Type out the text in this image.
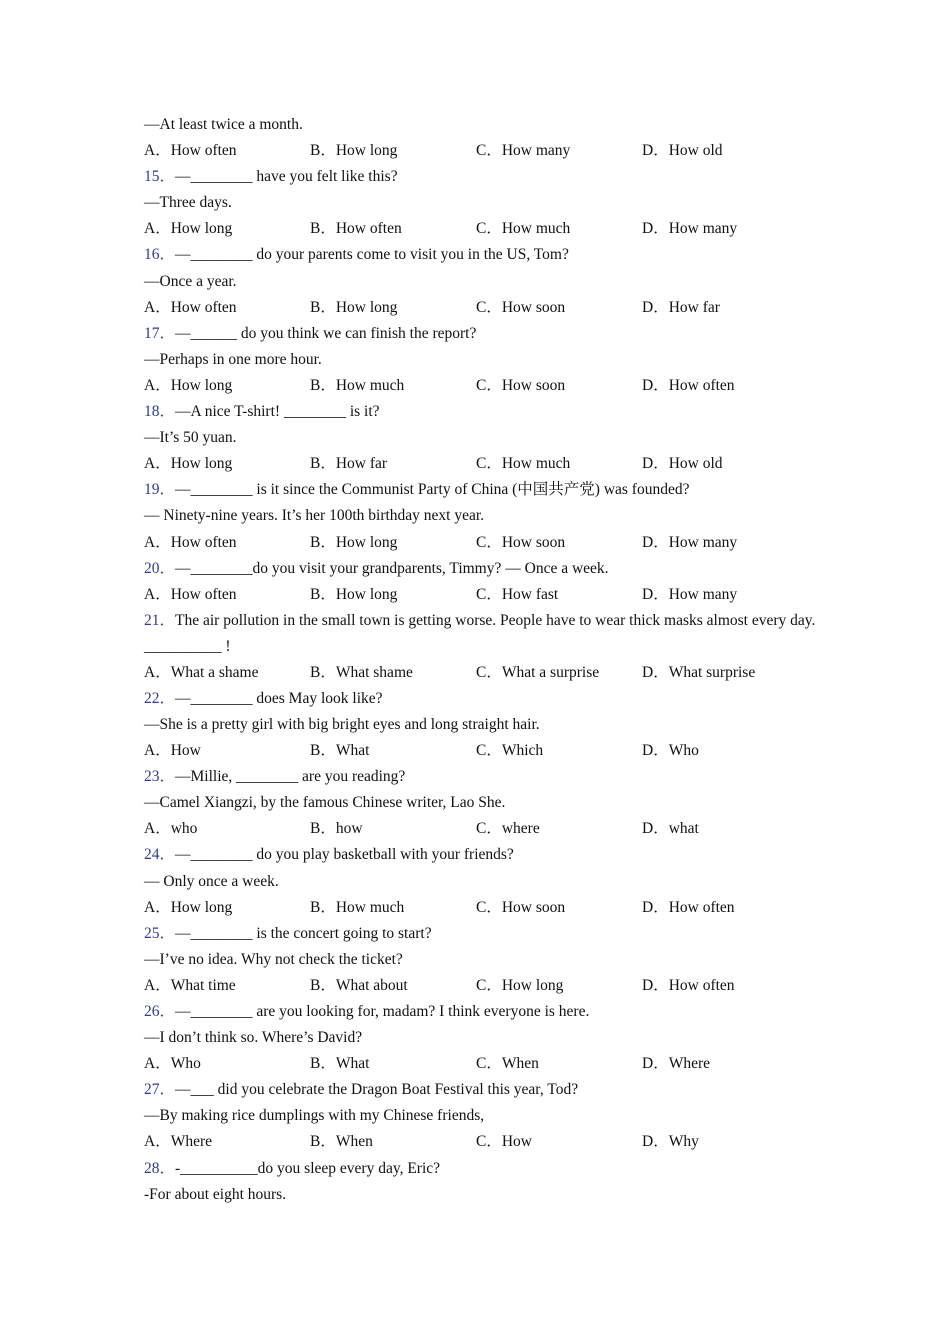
—At least twice a month.
A．How often	B．How long	C．How many	D．How old
15．—________ have you felt like this?
—Three days.
A．How long	B．How often	C．How much	D．How many
16．—________ do your parents come to visit you in the US, Tom?
—Once a year.
A．How often	B．How long	C．How soon	D．How far
17．—______ do you think we can finish the report?
—Perhaps in one more hour.
A．How long	B．How much	C．How soon	D．How often
18．—A nice T-shirt! ________ is it?
—It’s 50 yuan.
A．How long	B．How far	C．How much	D．How old
19．—________ is it since the Communist Party of China (中国共产党) was founded?
— Ninety-nine years. It’s her 100th birthday next year.
A．How often	B．How long	C．How soon	D．How many
20．—________do you visit your grandparents, Timmy? — Once a week.
A．How often	B．How long	C．How fast	D．How many
21．The air pollution in the small town is getting worse. People have to wear thick masks almost every day. __________ !
A．What a shame	B．What shame	C．What a surprise	D．What surprise
22．—________ does May look like?
—She is a pretty girl with big bright eyes and long straight hair.
A．How	B．What	C．Which	D．Who
23．—Millie, ________ are you reading?
—Camel Xiangzi, by the famous Chinese writer, Lao She.
A．who	B．how	C．where	D．what
24．—________ do you play basketball with your friends?
— Only once a week.
A．How long	B．How much	C．How soon	D．How often
25．—________ is the concert going to start?
—I’ve no idea. Why not check the ticket?
A．What time	B．What about	C．How long	D．How often
26．—________ are you looking for, madam? I think everyone is here.
—I don’t think so. Where’s David?
A．Who	B．What	C．When	D．Where
27．—___ did you celebrate the Dragon Boat Festival this year, Tod?
—By making rice dumplings with my Chinese friends,
A．Where	B．When	C．How	D．Why
28．-__________do you sleep every day, Eric?
-For about eight hours.
